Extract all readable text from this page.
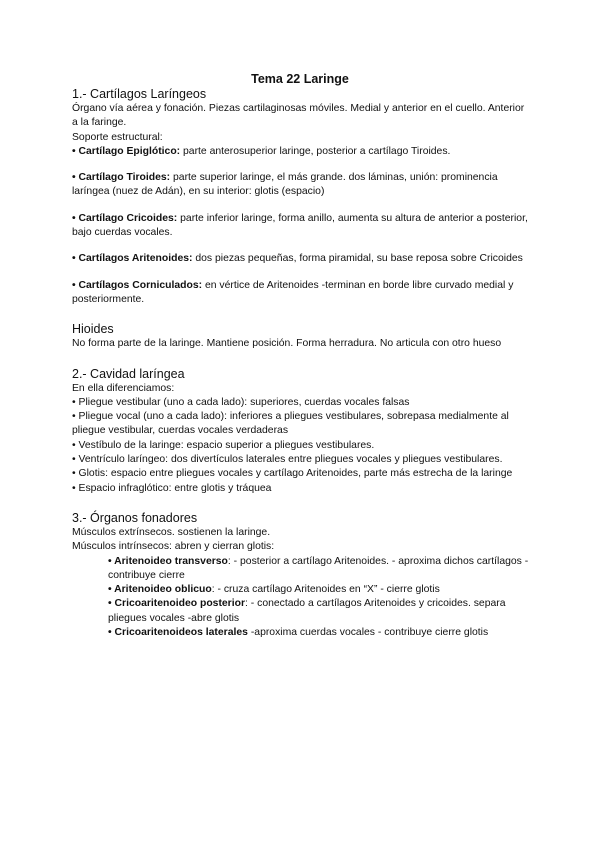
Tema 22 Laringe
1.- Cartílagos Laríngeos

Órgano vía aérea y fonación. Piezas cartilaginosas móviles. Medial y anterior en el cuello. Anterior a la faringe.

Soporte estructural:

• Cartílago Epiglótico: parte anterosuperior laringe, posterior a cartílago Tiroides.

• Cartílago Tiroides: parte superior laringe, el más grande. dos láminas, unión: prominencia laríngea (nuez de Adán), en su interior: glotis (espacio)

• Cartílago Cricoides: parte inferior laringe, forma anillo, aumenta su altura de anterior a posterior, bajo cuerdas vocales.

• Cartílagos Aritenoides: dos piezas pequeñas, forma piramidal, su base reposa sobre Cricoides

• Cartílagos Corniculados: en vértice de Aritenoides -terminan en borde libre curvado medial y posteriormente.

Hioides

No forma parte de la laringe. Mantiene posición. Forma herradura. No articula con otro hueso

2.- Cavidad laríngea

En ella diferenciamos:

• Pliegue vestibular (uno a cada lado): superiores, cuerdas vocales falsas

• Pliegue vocal (uno a cada lado): inferiores a pliegues vestibulares, sobrepasa medialmente al pliegue vestibular, cuerdas vocales verdaderas

• Vestíbulo de la laringe: espacio superior a pliegues vestibulares.

• Ventrículo laríngeo: dos divertículos laterales entre pliegues vocales y pliegues vestibulares.

• Glotis: espacio entre pliegues vocales y cartílago Aritenoides, parte más estrecha de la laringe

• Espacio infraglótico: entre glotis y tráquea

3.- Órganos fonadores

Músculos extrínsecos. sostienen la laringe.

Músculos intrínsecos: abren y cierran glotis:

• Aritenoideo transverso: - posterior a cartílago Aritenoides. - aproxima dichos cartílagos - contribuye cierre

• Aritenoideo oblicuo: - cruza cartílago Aritenoides en “X” - cierre glotis

• Cricoaritenoideo posterior: - conectado a cartílagos Aritenoides y cricoides. separa pliegues vocales -abre glotis

• Cricoaritenoideos laterales -aproxima cuerdas vocales - contribuye cierre glotis
